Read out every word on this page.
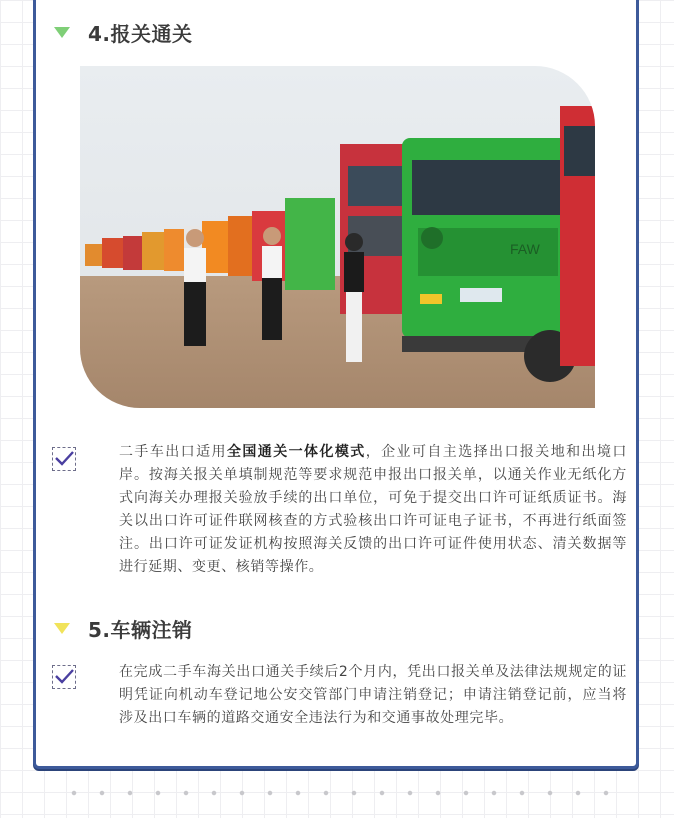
4.报关通关
FAW

二手车出口适用全国通关一体化模式，企业可自主选择出口报关地和出境口岸。按海关报关单填制规范等要求规范申报出口报关单，以通关作业无纸化方式向海关办理报关验放手续的出口单位，可免于提交出口许可证纸质证书。海关以出口许可证件联网核查的方式验核出口许可证电子证书，不再进行纸面签注。出口许可证发证机构按照海关反馈的出口许可证件使用状态、清关数据等进行延期、变更、核销等操作。

5.车辆注销

在完成二手车海关出口通关手续后2个月内，凭出口报关单及法律法规规定的证明凭证向机动车登记地公安交管部门申请注销登记；申请注销登记前，应当将涉及出口车辆的道路交通安全违法行为和交通事故处理完毕。
